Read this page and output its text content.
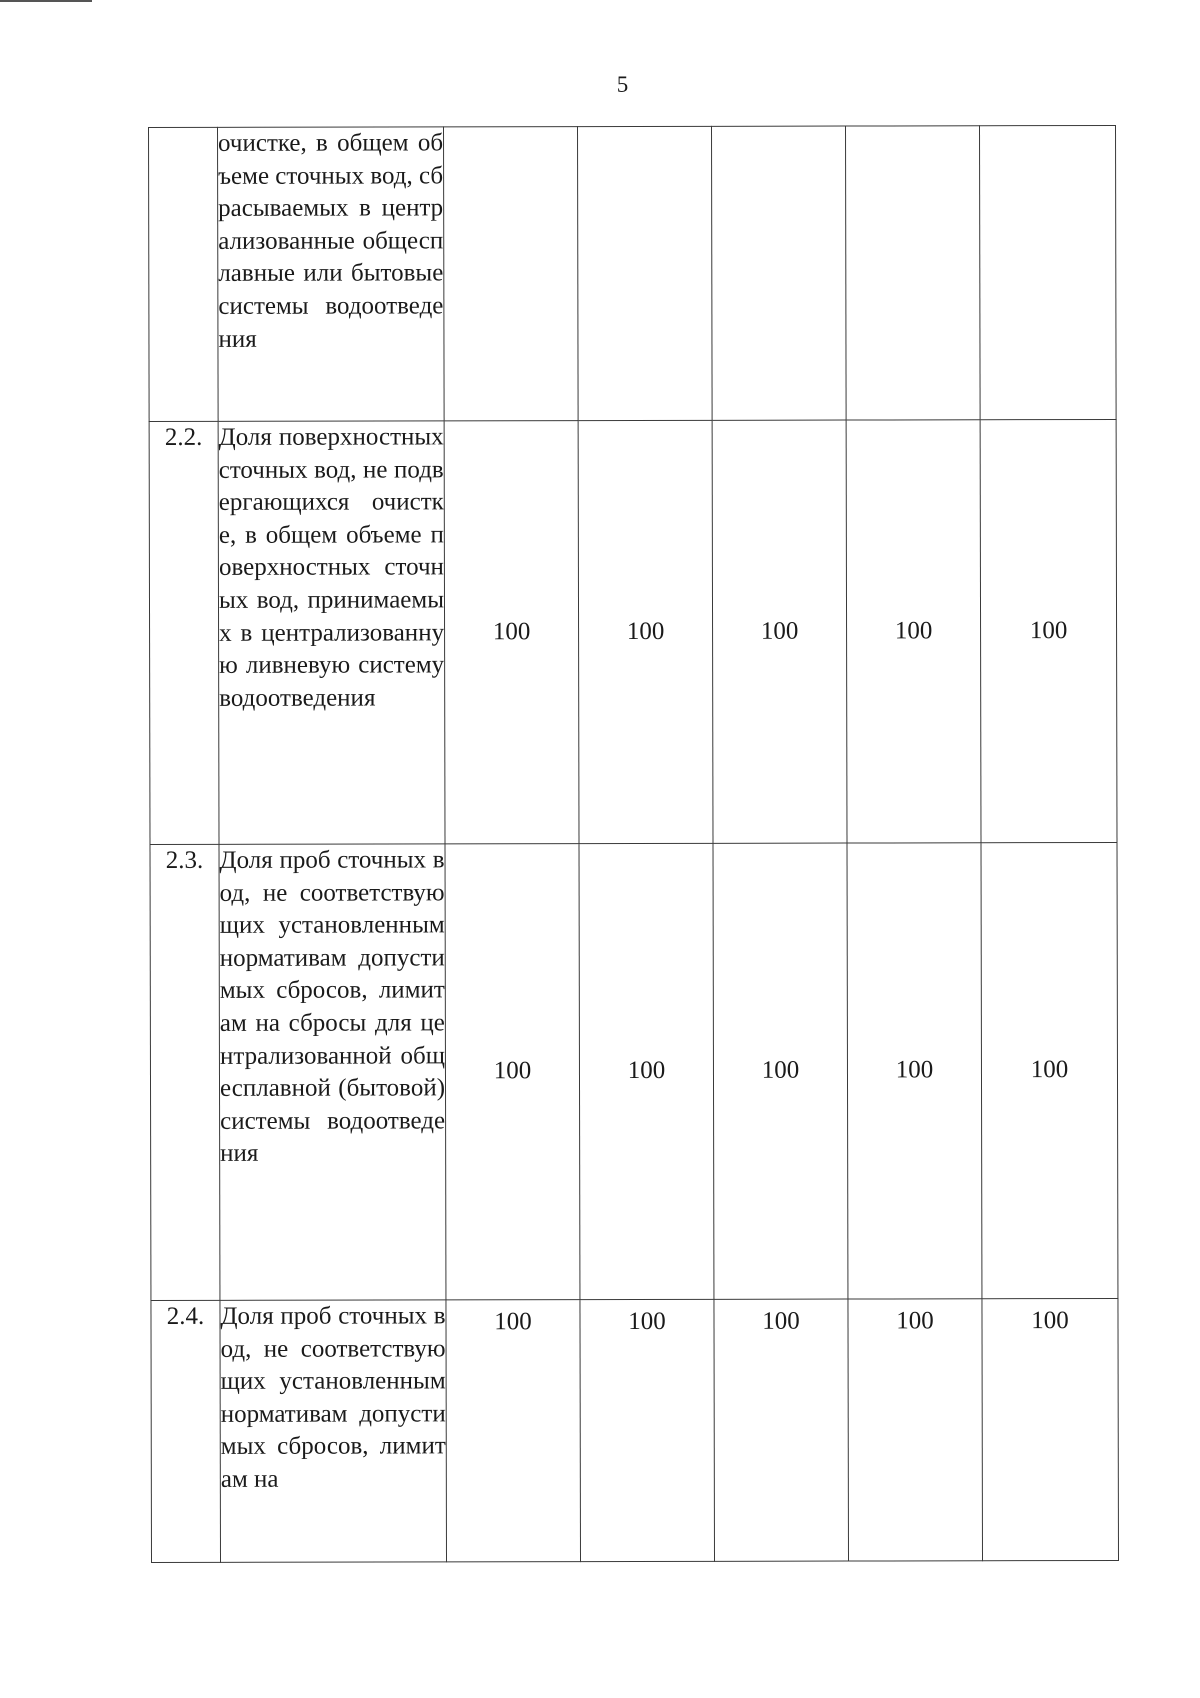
5
	очистке, в общем объеме сточных вод, сбрасываемых в централизованные общесплавные или бытовые системы водоотведения					
2.2.	Доля поверхностных сточных вод, не подвергающихся очистке, в общем объеме поверхностных сточных вод, принимаемых в централизованную ливневую систему водоотведения	100	100	100	100	100
2.3.	Доля проб сточных вод, не соответствующих установленным нормативам допустимых сбросов, лимитам на сбросы для централизованной общесплавной (бытовой) системы водоотведения	100	100	100	100	100
2.4.	Доля проб сточных вод, не соответствующих установленным нормативам допустимых сбросов, лимитам на	100	100	100	100	100
